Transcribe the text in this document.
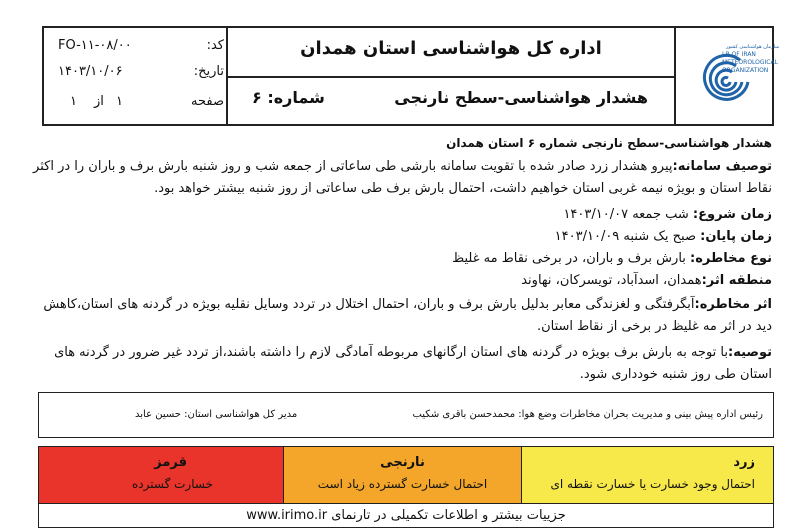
سازمان هواشناسی کشور
I.R.OF IRAN
METEOROLOGICAL
ORGANIZATION
اداره کل هواشناسی استان همدان
هشدار هواشناسی-سطح نارنجی
شماره: ۶
کد:
FO-۱۱-۰۸/۰۰
تاریخ:
۱۴۰۳/۱۰/۰۶
صفحه
۱
از
۱
هشدار هواشناسی-سطح نارنجی شماره ۶ استان همدان
توصیف سامانه:پیرو هشدار زرد صادر شده با تقویت سامانه بارشی طی ساعاتی از جمعه شب و روز شنبه بارش برف و باران را در اکثر نقاط استان و بویژه نیمه غربی استان خواهیم داشت، احتمال بارش برف طی ساعاتی از روز شنبه بیشتر خواهد بود.
زمان شروع: شب جمعه ۱۴۰۳/۱۰/۰۷
زمان پایان: صبح یک شنبه ۱۴۰۳/۱۰/۰۹
نوع مخاطره: بارش برف و باران، در برخی نقاط مه غلیظ
منطقه اثر:همدان، اسدآباد، تویسرکان، نهاوند
اثر مخاطره:آبگرفتگی و لغزندگی معابر بدلیل بارش برف و باران، احتمال اختلال در تردد وسایل نقلیه بویژه در گردنه های استان،کاهش دید در اثر مه غلیظ در برخی از نقاط استان.
توصیه:با توجه به بارش برف بویژه در گردنه های استان ارگانهای مربوطه آمادگی لازم را داشته باشند،از تردد غیر ضرور در گردنه های استان طی روز شنبه خودداری شود.
رئیس اداره پیش بینی و مدیریت بحران مخاطرات وضع هوا: محمدحسن باقری شکیب
مدیر کل هواشناسی استان: حسین عابد
زرد
احتمال وجود خسارت یا خسارت نقطه ای
نارنجی
احتمال خسارت گسترده زیاد است
قرمز
خسارت گسترده
جزییات بیشتر و اطلاعات تکمیلی در تارنمای www.irimo.ir
